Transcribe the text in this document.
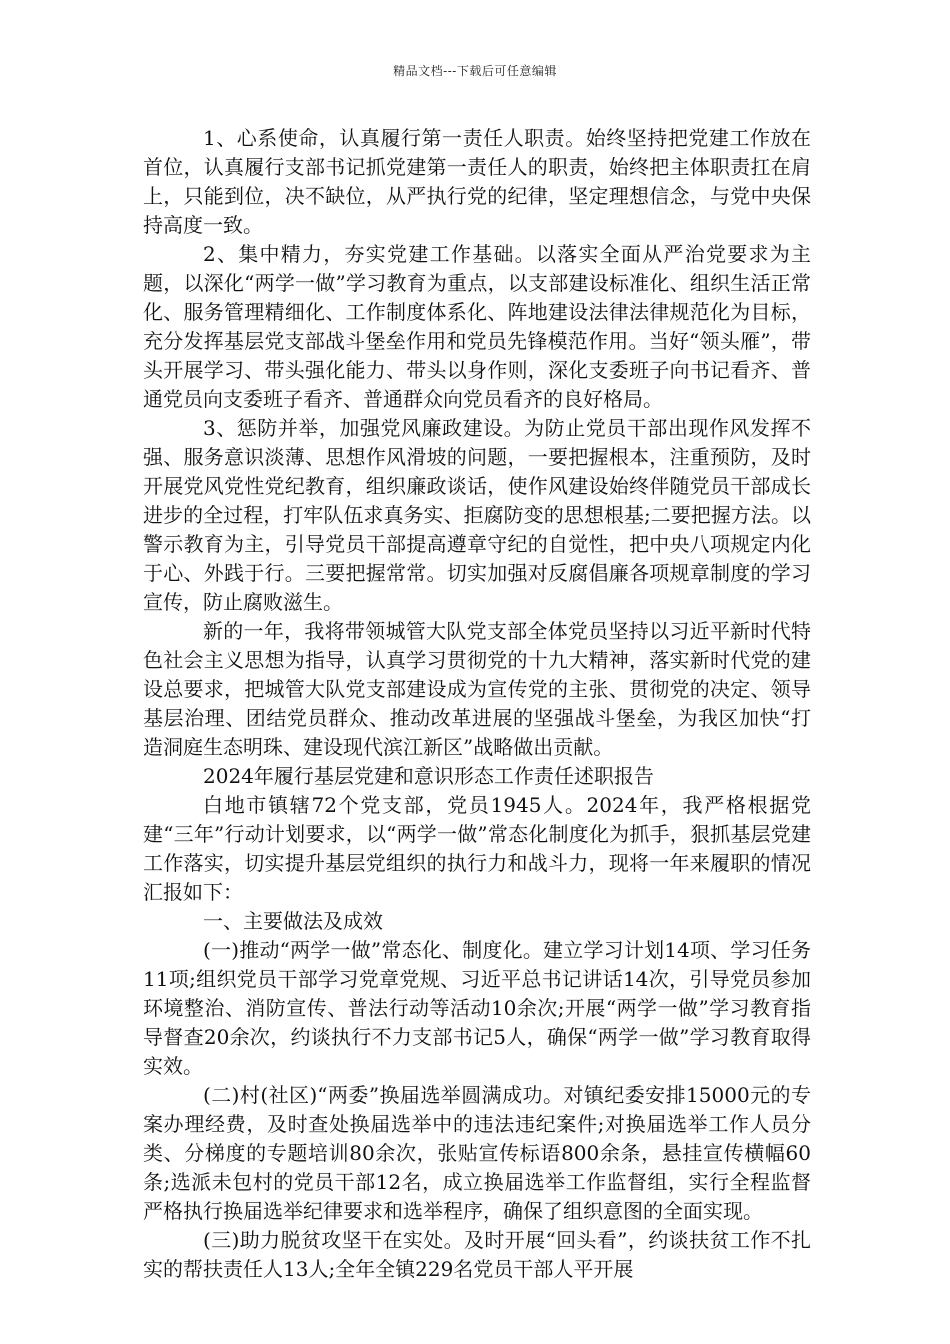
精品文档---下载后可任意编辑

1、心系使命，认真履行第一责任人职责。始终坚持把党建工作放在首位，认真履行支部书记抓党建第一责任人的职责，始终把主体职责扛在肩上，只能到位，决不缺位，从严执行党的纪律，坚定理想信念，与党中央保持高度一致。

2、集中精力，夯实党建工作基础。以落实全面从严治党要求为主题，以深化“两学一做”学习教育为重点，以支部建设标准化、组织生活正常化、服务管理精细化、工作制度体系化、阵地建设法律法律规范化为目标，充分发挥基层党支部战斗堡垒作用和党员先锋模范作用。当好“领头雁”，带头开展学习、带头强化能力、带头以身作则，深化支委班子向书记看齐、普通党员向支委班子看齐、普通群众向党员看齐的良好格局。

3、惩防并举，加强党风廉政建设。为防止党员干部出现作风发挥不强、服务意识淡薄、思想作风滑坡的问题，一要把握根本，注重预防，及时开展党风党性党纪教育，组织廉政谈话，使作风建设始终伴随党员干部成长进步的全过程，打牢队伍求真务实、拒腐防变的思想根基;二要把握方法。以警示教育为主，引导党员干部提高遵章守纪的自觉性，把中央八项规定内化于心、外践于行。三要把握常常。切实加强对反腐倡廉各项规章制度的学习宣传，防止腐败滋生。

新的一年，我将带领城管大队党支部全体党员坚持以习近平新时代特色社会主义思想为指导，认真学习贯彻党的十九大精神，落实新时代党的建设总要求，把城管大队党支部建设成为宣传党的主张、贯彻党的决定、领导基层治理、团结党员群众、推动改革进展的坚强战斗堡垒，为我区加快“打造洞庭生态明珠、建设现代滨江新区”战略做出贡献。

2024年履行基层党建和意识形态工作责任述职报告

白地市镇辖72个党支部，党员1945人。2024年，我严格根据党建“三年”行动计划要求，以“两学一做”常态化制度化为抓手，狠抓基层党建工作落实，切实提升基层党组织的执行力和战斗力，现将一年来履职的情况汇报如下：

一、主要做法及成效

(一)推动“两学一做”常态化、制度化。建立学习计划14项、学习任务11项;组织党员干部学习党章党规、习近平总书记讲话14次，引导党员参加环境整治、消防宣传、普法行动等活动10余次;开展“两学一做”学习教育指导督查20余次，约谈执行不力支部书记5人，确保“两学一做”学习教育取得实效。

(二)村(社区)“两委”换届选举圆满成功。对镇纪委安排15000元的专案办理经费，及时查处换届选举中的违法违纪案件;对换届选举工作人员分类、分梯度的专题培训80余次，张贴宣传标语800余条，悬挂宣传横幅60条;选派未包村的党员干部12名，成立换届选举工作监督组，实行全程监督严格执行换届选举纪律要求和选举程序，确保了组织意图的全面实现。

(三)助力脱贫攻坚干在实处。及时开展“回头看”，约谈扶贫工作不扎实的帮扶责任人13人;全年全镇229名党员干部人平开展
